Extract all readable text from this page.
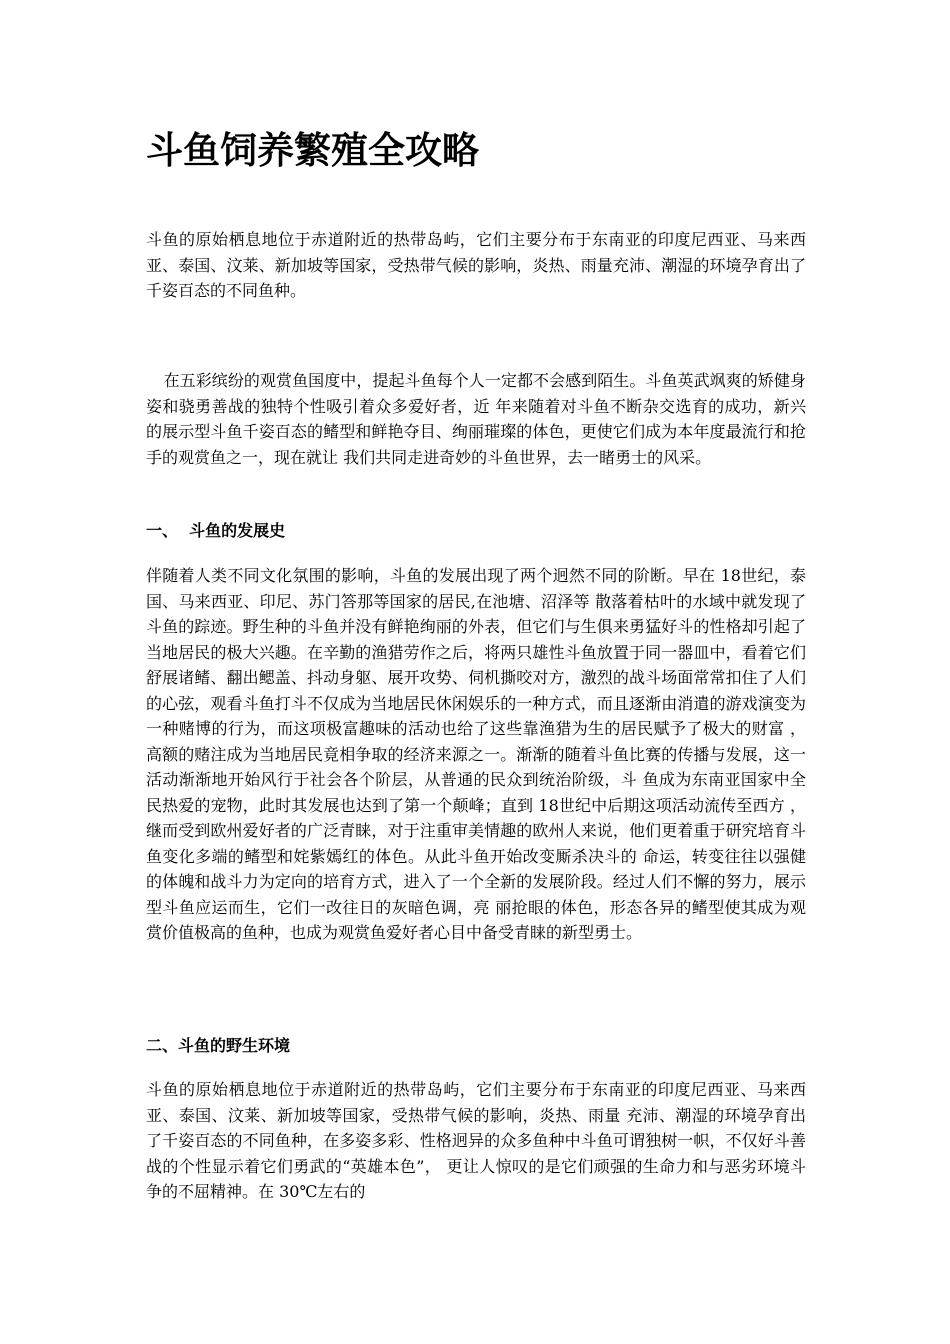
斗鱼饲养繁殖全攻略

斗鱼的原始栖息地位于赤道附近的热带岛屿，它们主要分布于东南亚的印度尼西亚、马来西亚、泰国、汶莱、新加坡等国家，受热带气候的影响，炎热、雨量充沛、潮湿的环境孕育出了千姿百态的不同鱼种。

在五彩缤纷的观赏鱼国度中，提起斗鱼每个人一定都不会感到陌生。斗鱼英武飒爽的矫健身姿和骁勇善战的独特个性吸引着众多爱好者，近 年来随着对斗鱼不断杂交选育的成功，新兴的展示型斗鱼千姿百态的鳍型和鲜艳夺目、绚丽璀璨的体色，更使它们成为本年度最流行和抢手的观赏鱼之一，现在就让 我们共同走进奇妙的斗鱼世界，去一睹勇士的风采。

一、  斗鱼的发展史

伴随着人类不同文化氛围的影响，斗鱼的发展出现了两个迥然不同的阶断。早在 18世纪，泰国、马来西亚、印尼、苏门答那等国家的居民,在池塘、沼泽等 散落着枯叶的水域中就发现了斗鱼的踪迹。野生种的斗鱼并没有鲜艳绚丽的外表，但它们与生俱来勇猛好斗的性格却引起了当地居民的极大兴趣。在辛勤的渔猎劳作之后，将两只雄性斗鱼放置于同一器皿中，看着它们舒展诸鳍、翻出鳃盖、抖动身躯、展开攻势、伺机撕咬对方，激烈的战斗场面常常扣住了人们的心弦，观看斗鱼打斗不仅成为当地居民休闲娱乐的一种方式，而且逐渐由消遣的游戏演变为一种赌博的行为，而这项极富趣味的活动也给了这些靠渔猎为生的居民赋予了极大的财富 ，高额的赌注成为当地居民竟相争取的经济来源之一。渐渐的随着斗鱼比赛的传播与发展，这一活动渐渐地开始风行于社会各个阶层，从普通的民众到统治阶级，斗 鱼成为东南亚国家中全民热爱的宠物，此时其发展也达到了第一个颠峰；直到 18世纪中后期这项活动流传至西方 ，继而受到欧州爱好者的广泛青睐，对于注重审美情趣的欧州人来说，他们更着重于研究培育斗鱼变化多端的鳍型和姹紫嫣红的体色。从此斗鱼开始改变厮杀决斗的 命运，转变往往以强健的体魄和战斗力为定向的培育方式，进入了一个全新的发展阶段。经过人们不懈的努力，展示型斗鱼应运而生，它们一改往日的灰暗色调，亮 丽抢眼的体色，形态各异的鳍型使其成为观赏价值极高的鱼种，也成为观赏鱼爱好者心目中备受青睐的新型勇士。

二、斗鱼的野生环境

斗鱼的原始栖息地位于赤道附近的热带岛屿，它们主要分布于东南亚的印度尼西亚、马来西亚、泰国、汶莱、新加坡等国家，受热带气候的影响，炎热、雨量 充沛、潮湿的环境孕育出了千姿百态的不同鱼种，在多姿多彩、性格迥异的众多鱼种中斗鱼可谓独树一帜，不仅好斗善战的个性显示着它们勇武的“英雄本色”， 更让人惊叹的是它们顽强的生命力和与恶劣环境斗争的不屈精神。在 30℃左右的
